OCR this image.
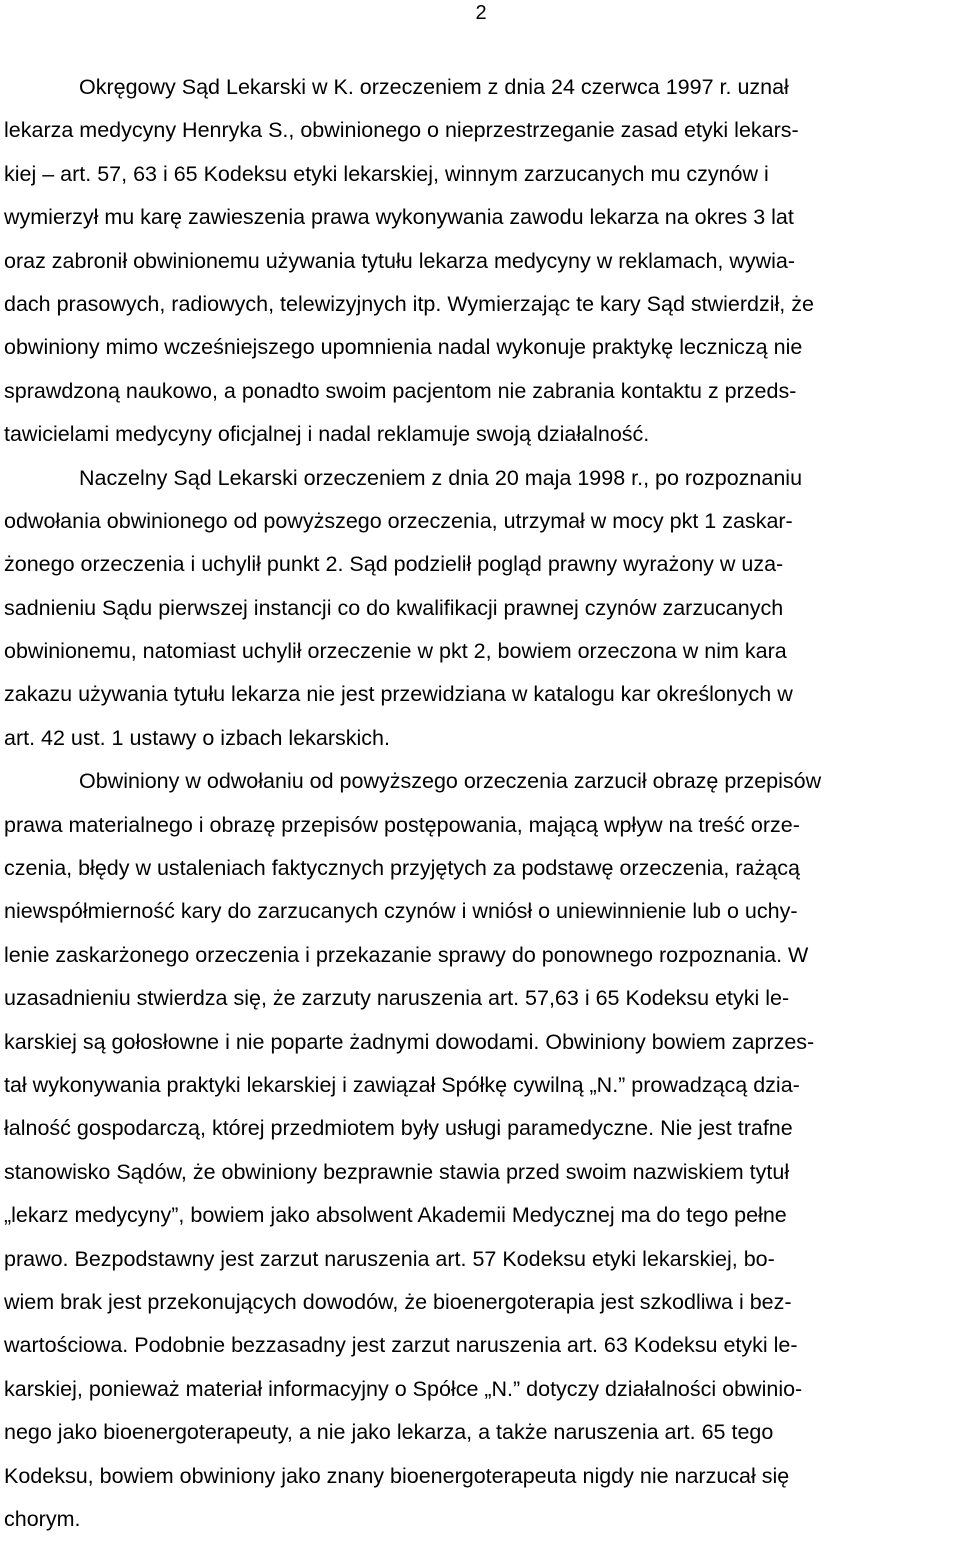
2
Okręgowy Sąd Lekarski w K. orzeczeniem z dnia 24 czerwca 1997 r. uznał
lekarza medycyny Henryka S., obwinionego o nieprzestrzeganie zasad etyki lekars-
kiej – art. 57, 63 i 65 Kodeksu etyki lekarskiej, winnym zarzucanych mu czynów i
wymierzył mu karę zawieszenia prawa wykonywania zawodu lekarza na okres 3 lat
oraz zabronił obwinionemu używania tytułu lekarza medycyny w reklamach, wywia-
dach prasowych, radiowych, telewizyjnych itp. Wymierzając te kary Sąd stwierdził, że
obwiniony mimo wcześniejszego upomnienia nadal wykonuje praktykę leczniczą nie
sprawdzoną naukowo, a ponadto swoim pacjentom nie zabrania kontaktu z przeds-
tawicielami medycyny oficjalnej i nadal reklamuje swoją działalność.
Naczelny Sąd Lekarski orzeczeniem z dnia 20 maja 1998 r., po rozpoznaniu
odwołania obwinionego od powyższego orzeczenia, utrzymał w mocy pkt 1 zaskar-
żonego orzeczenia i uchylił punkt 2. Sąd podzielił pogląd prawny wyrażony w uza-
sadnieniu Sądu pierwszej instancji co do kwalifikacji prawnej czynów zarzucanych
obwinionemu, natomiast uchylił orzeczenie w pkt 2, bowiem orzeczona w nim kara
zakazu używania tytułu lekarza nie jest przewidziana w katalogu kar określonych w
art. 42 ust. 1 ustawy o izbach lekarskich.
Obwiniony w odwołaniu od powyższego orzeczenia zarzucił obrazę przepisów
prawa materialnego i obrazę przepisów postępowania, mającą wpływ na treść orze-
czenia, błędy w ustaleniach faktycznych przyjętych za podstawę orzeczenia, rażącą
niewspółmierność kary do zarzucanych czynów i wniósł o uniewinnienie lub o uchy-
lenie zaskarżonego orzeczenia i przekazanie sprawy do ponownego rozpoznania. W
uzasadnieniu stwierdza się, że zarzuty naruszenia art. 57,63 i 65 Kodeksu etyki le-
karskiej są gołosłowne i nie poparte żadnymi dowodami. Obwiniony bowiem zaprzes-
tał wykonywania praktyki lekarskiej i zawiązał Spółkę cywilną „N.” prowadzącą dzia-
łalność gospodarczą, której przedmiotem były usługi paramedyczne. Nie jest trafne
stanowisko Sądów, że obwiniony bezprawnie stawia przed swoim nazwiskiem tytuł
„lekarz medycyny”, bowiem jako absolwent Akademii Medycznej ma do tego pełne
prawo. Bezpodstawny jest zarzut naruszenia art. 57 Kodeksu etyki lekarskiej, bo-
wiem brak jest przekonujących dowodów, że bioenergoterapia jest szkodliwa i bez-
wartościowa. Podobnie bezzasadny jest zarzut naruszenia art. 63 Kodeksu etyki le-
karskiej, ponieważ materiał informacyjny o Spółce „N.” dotyczy działalności obwinio-
nego jako bioenergoterapeuty, a nie jako lekarza, a także naruszenia art. 65 tego
Kodeksu, bowiem obwiniony jako znany bioenergoterapeuta nigdy nie narzucał się
chorym.
